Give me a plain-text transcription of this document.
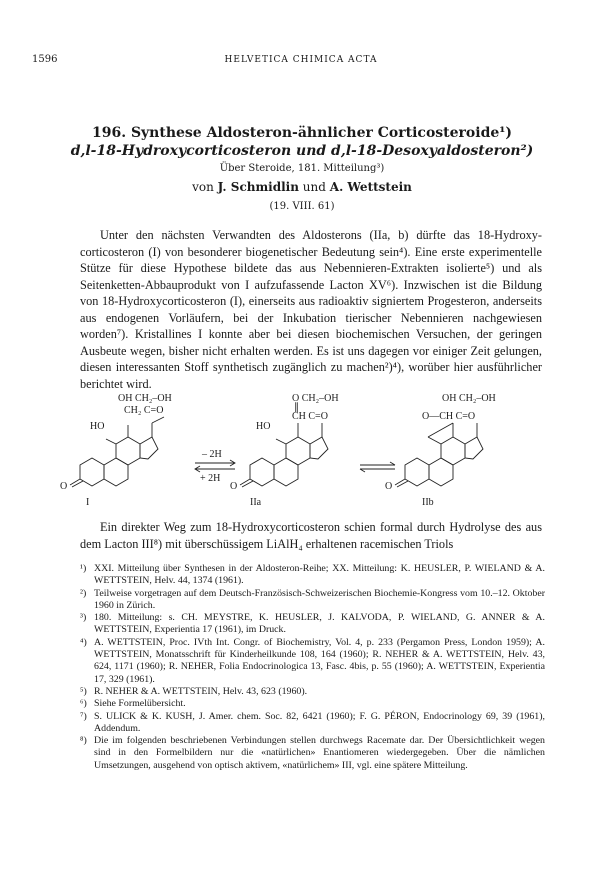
1596	HELVETICA CHIMICA ACTA
196. Synthese Aldosteron-ähnlicher Corticosteroide¹)
d,l-18-Hydroxycorticosteron und d,l-18-Desoxyaldosteron²)
Über Steroide, 181. Mitteilung³)
von J. Schmidlin und A. Wettstein
(19. VIII. 61)

Unter den nächsten Verwandten des Aldosterons (IIa, b) dürfte das 18-Hydroxy-corticosteron (I) von besonderer biogenetischer Bedeutung sein⁴). Eine erste experimentelle Stütze für diese Hypothese bildete das aus Nebennieren-Extrakten isolierte⁵) und als Seitenketten-Abbauprodukt von I aufzufassende Lacton XV⁶). Inzwischen ist die Bildung von 18-Hydroxycorticosteron (I), einerseits aus radioaktiv signiertem Progesteron, anderseits aus endogenen Vorläufern, bei der Inkubation tierischer Nebennieren nachgewiesen worden⁷). Kristallines I konnte aber bei diesen biochemischen Versuchen, der geringen Ausbeute wegen, bisher nicht erhalten werden. Es ist uns dagegen vor einiger Zeit gelungen, diesen interessanten Stoff synthetisch zugänglich zu machen²)⁴), worüber hier ausführlicher berichtet wird.

OH CH₂–OH
CH₂ C=O
HO
O
I
– 2H
+ 2H
O CH₂–OH
∥
CH C=O
HO
O
IIa
OH CH₂–OH
O—CH C=O
O
IIb

Ein direkter Weg zum 18-Hydroxycorticosteron schien formal durch Hydrolyse des aus dem Lacton III⁸) mit überschüssigem LiAlH₄ erhaltenen racemischen Triols

¹) XXI. Mitteilung über Synthesen in der Aldosteron-Reihe; XX. Mitteilung: K. HEUSLER, P. WIELAND & A. WETTSTEIN, Helv. 44, 1374 (1961).
²) Teilweise vorgetragen auf dem Deutsch-Französisch-Schweizerischen Biochemie-Kongress vom 10.–12. Oktober 1960 in Zürich.
³) 180. Mitteilung: s. CH. MEYSTRE, K. HEUSLER, J. KALVODA, P. WIELAND, G. ANNER & A. WETTSTEIN, Experientia 17 (1961), im Druck.
⁴) A. WETTSTEIN, Proc. IVth Int. Congr. of Biochemistry, Vol. 4, p. 233 (Pergamon Press, London 1959); A. WETTSTEIN, Monatsschrift für Kinderheilkunde 108, 164 (1960); R. NEHER & A. WETTSTEIN, Helv. 43, 624, 1171 (1960); R. NEHER, Folia Endocrinologica 13, Fasc. 4bis, p. 55 (1960); A. WETTSTEIN, Experientia 17, 329 (1961).
⁵) R. NEHER & A. WETTSTEIN, Helv. 43, 623 (1960).
⁶) Siehe Formelübersicht.
⁷) S. ULICK & K. KUSH, J. Amer. chem. Soc. 82, 6421 (1960); F. G. PÉRON, Endocrinology 69, 39 (1961), Addendum.
⁸) Die im folgenden beschriebenen Verbindungen stellen durchwegs Racemate dar. Der Übersichtlichkeit wegen sind in den Formelbildern nur die «natürlichen» Enantiomeren wiedergegeben. Über die nämlichen Umsetzungen, ausgehend von optisch aktivem, «natürlichem» III, vgl. eine spätere Mitteilung.
